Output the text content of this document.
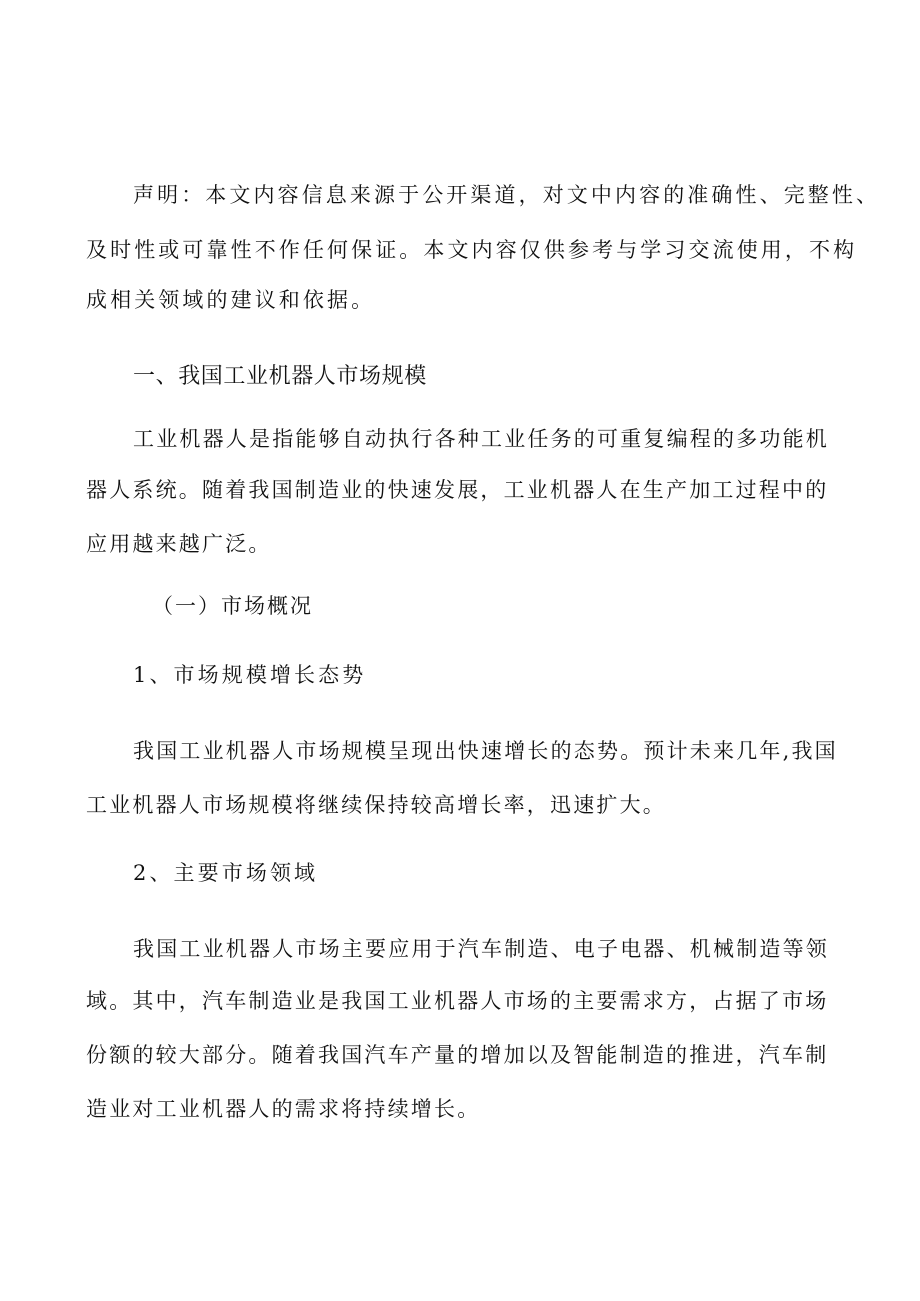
声明：本文内容信息来源于公开渠道，对文中内容的准确性、完整性、
及时性或可靠性不作任何保证。本文内容仅供参考与学习交流使用，不构
成相关领域的建议和依据。
一、我国工业机器人市场规模
工业机器人是指能够自动执行各种工业任务的可重复编程的多功能机
器人系统。随着我国制造业的快速发展，工业机器人在生产加工过程中的
应用越来越广泛。
（一）市场概况
1、市场规模增长态势
我国工业机器人市场规模呈现出快速增长的态势。预计未来几年,我国
工业机器人市场规模将继续保持较高增长率，迅速扩大。
2、主要市场领域
我国工业机器人市场主要应用于汽车制造、电子电器、机械制造等领
域。其中，汽车制造业是我国工业机器人市场的主要需求方，占据了市场
份额的较大部分。随着我国汽车产量的增加以及智能制造的推进，汽车制
造业对工业机器人的需求将持续增长。
